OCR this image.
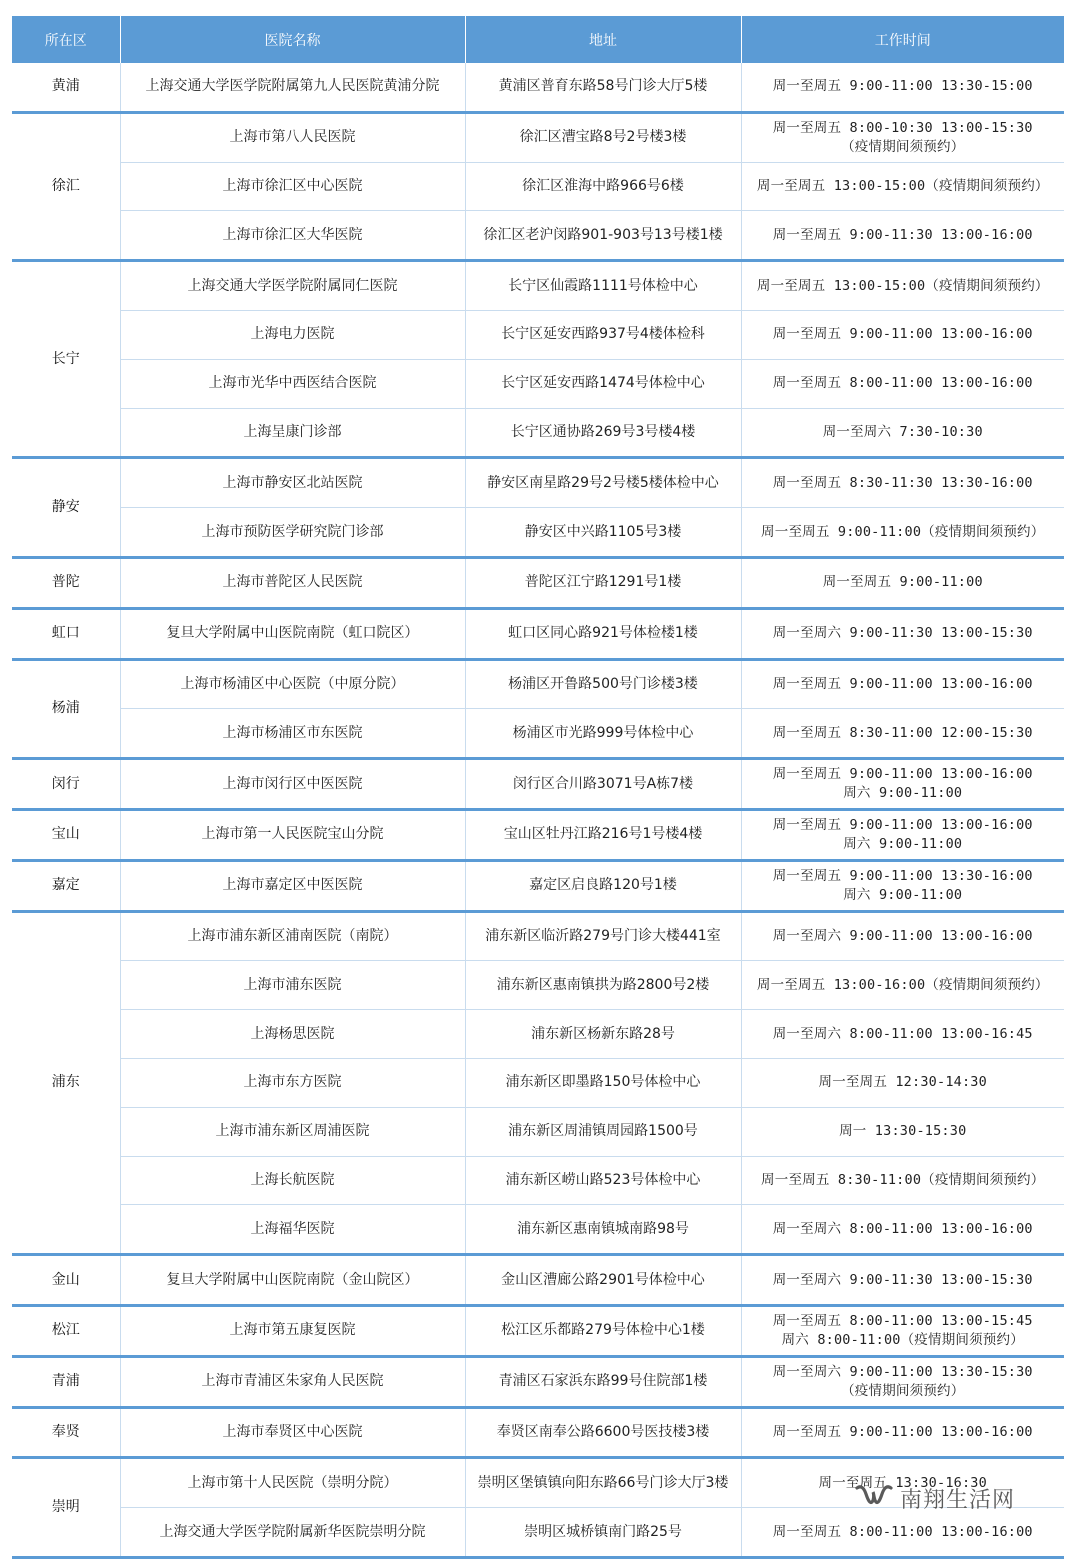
所在区	医院名称	地址	工作时间
黄浦	上海交通大学医学院附属第九人民医院黄浦分院	黄浦区普育东路58号门诊大厅5楼	周一至周五 9:00-11:00 13:30-15:00

徐汇	上海市第八人民医院	徐汇区漕宝路8号2号楼3楼	周一至周五 8:00-10:30 13:00-15:30
（疫情期间须预约）

	上海市徐汇区中心医院	徐汇区淮海中路966号6楼	周一至周五 13:00-15:00（疫情期间须预约）

	上海市徐汇区大华医院	徐汇区老沪闵路901-903号13号楼1楼	周一至周五 9:00-11:30 13:00-16:00

长宁	上海交通大学医学院附属同仁医院	长宁区仙霞路1111号体检中心	周一至周五 13:00-15:00（疫情期间须预约）

	上海电力医院	长宁区延安西路937号4楼体检科	周一至周五 9:00-11:00 13:00-16:00

	上海市光华中西医结合医院	长宁区延安西路1474号体检中心	周一至周五 8:00-11:00 13:00-16:00

	上海呈康门诊部	长宁区通协路269号3号楼4楼	周一至周六 7:30-10:30

静安	上海市静安区北站医院	静安区南星路29号2号楼5楼体检中心	周一至周五 8:30-11:30 13:30-16:00

	上海市预防医学研究院门诊部	静安区中兴路1105号3楼	周一至周五 9:00-11:00（疫情期间须预约）

普陀	上海市普陀区人民医院	普陀区江宁路1291号1楼	周一至周五 9:00-11:00

虹口	复旦大学附属中山医院南院（虹口院区）	虹口区同心路921号体检楼1楼	周一至周六 9:00-11:30 13:00-15:30

杨浦	上海市杨浦区中心医院（中原分院）	杨浦区开鲁路500号门诊楼3楼	周一至周五 9:00-11:00 13:00-16:00

	上海市杨浦区市东医院	杨浦区市光路999号体检中心	周一至周五 8:30-11:00 12:00-15:30

闵行	上海市闵行区中医医院	闵行区合川路3071号A栋7楼	周一至周五 9:00-11:00 13:00-16:00
周六 9:00-11:00

宝山	上海市第一人民医院宝山分院	宝山区牡丹江路216号1号楼4楼	周一至周五 9:00-11:00 13:00-16:00
周六 9:00-11:00

嘉定	上海市嘉定区中医医院	嘉定区启良路120号1楼	周一至周五 9:00-11:00 13:30-16:00
周六 9:00-11:00

浦东	上海市浦东新区浦南医院（南院）	浦东新区临沂路279号门诊大楼441室	周一至周六 9:00-11:00 13:00-16:00

	上海市浦东医院	浦东新区惠南镇拱为路2800号2楼	周一至周五 13:00-16:00（疫情期间须预约）

	上海杨思医院	浦东新区杨新东路28号	周一至周六 8:00-11:00 13:00-16:45

	上海市东方医院	浦东新区即墨路150号体检中心	周一至周五 12:30-14:30

	上海市浦东新区周浦医院	浦东新区周浦镇周园路1500号	周一 13:30-15:30

	上海长航医院	浦东新区崂山路523号体检中心	周一至周五 8:30-11:00（疫情期间须预约）

	上海福华医院	浦东新区惠南镇城南路98号	周一至周六 8:00-11:00 13:00-16:00

金山	复旦大学附属中山医院南院（金山院区）	金山区漕廊公路2901号体检中心	周一至周六 9:00-11:30 13:00-15:30

松江	上海市第五康复医院	松江区乐都路279号体检中心1楼	周一至周五 8:00-11:00 13:00-15:45
周六 8:00-11:00（疫情期间须预约）

青浦	上海市青浦区朱家角人民医院	青浦区石家浜东路99号住院部1楼	周一至周六 9:00-11:00 13:30-15:30
（疫情期间须预约）

奉贤	上海市奉贤区中心医院	奉贤区南奉公路6600号医技楼3楼	周一至周五 9:00-11:00 13:00-16:00

崇明	上海市第十人民医院（崇明分院）	崇明区堡镇镇向阳东路66号门诊大厅3楼	周一至周五 13:30-16:30

	上海交通大学医学院附属新华医院崇明分院	崇明区城桥镇南门路25号	周一至周五 8:00-11:00 13:00-16:00
南翔生活网
